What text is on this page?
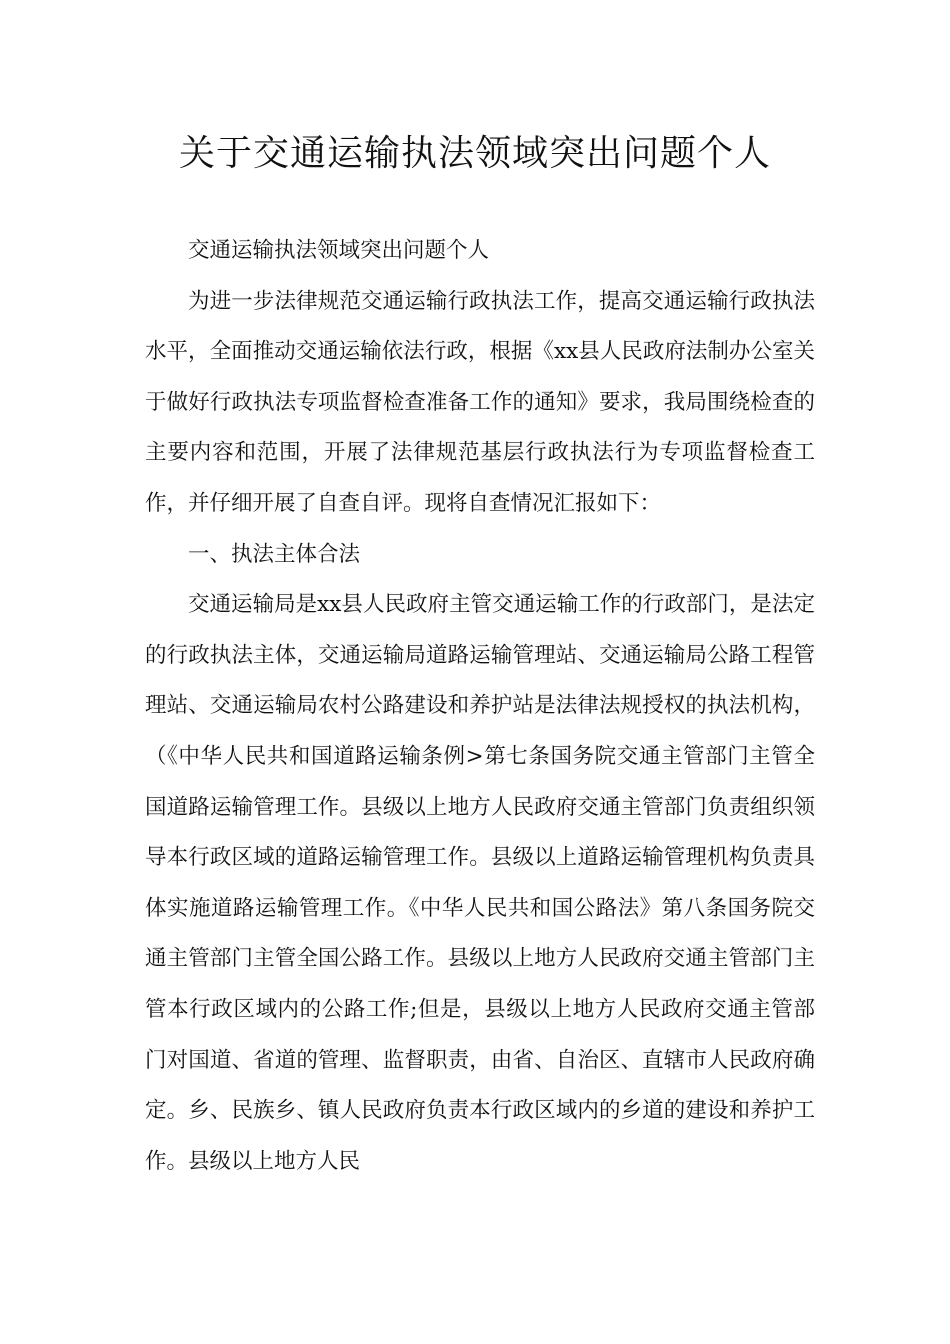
关于交通运输执法领域突出问题个人

交通运输执法领域突出问题个人

为进一步法律规范交通运输行政执法工作，提高交通运输行政执法水平，全面推动交通运输依法行政，根据《xx县人民政府法制办公室关于做好行政执法专项监督检查准备工作的通知》要求，我局围绕检查的主要内容和范围，开展了法律规范基层行政执法行为专项监督检查工作，并仔细开展了自查自评。现将自查情况汇报如下：

一、执法主体合法

交通运输局是xx县人民政府主管交通运输工作的行政部门，是法定的行政执法主体，交通运输局道路运输管理站、交通运输局公路工程管理站、交通运输局农村公路建设和养护站是法律法规授权的执法机构，（《中华人民共和国道路运输条例>第七条国务院交通主管部门主管全国道路运输管理工作。县级以上地方人民政府交通主管部门负责组织领导本行政区域的道路运输管理工作。县级以上道路运输管理机构负责具体实施道路运输管理工作。《中华人民共和国公路法》第八条国务院交通主管部门主管全国公路工作。县级以上地方人民政府交通主管部门主管本行政区域内的公路工作;但是，县级以上地方人民政府交通主管部门对国道、省道的管理、监督职责，由省、自治区、直辖市人民政府确定。乡、民族乡、镇人民政府负责本行政区域内的乡道的建设和养护工作。县级以上地方人民
